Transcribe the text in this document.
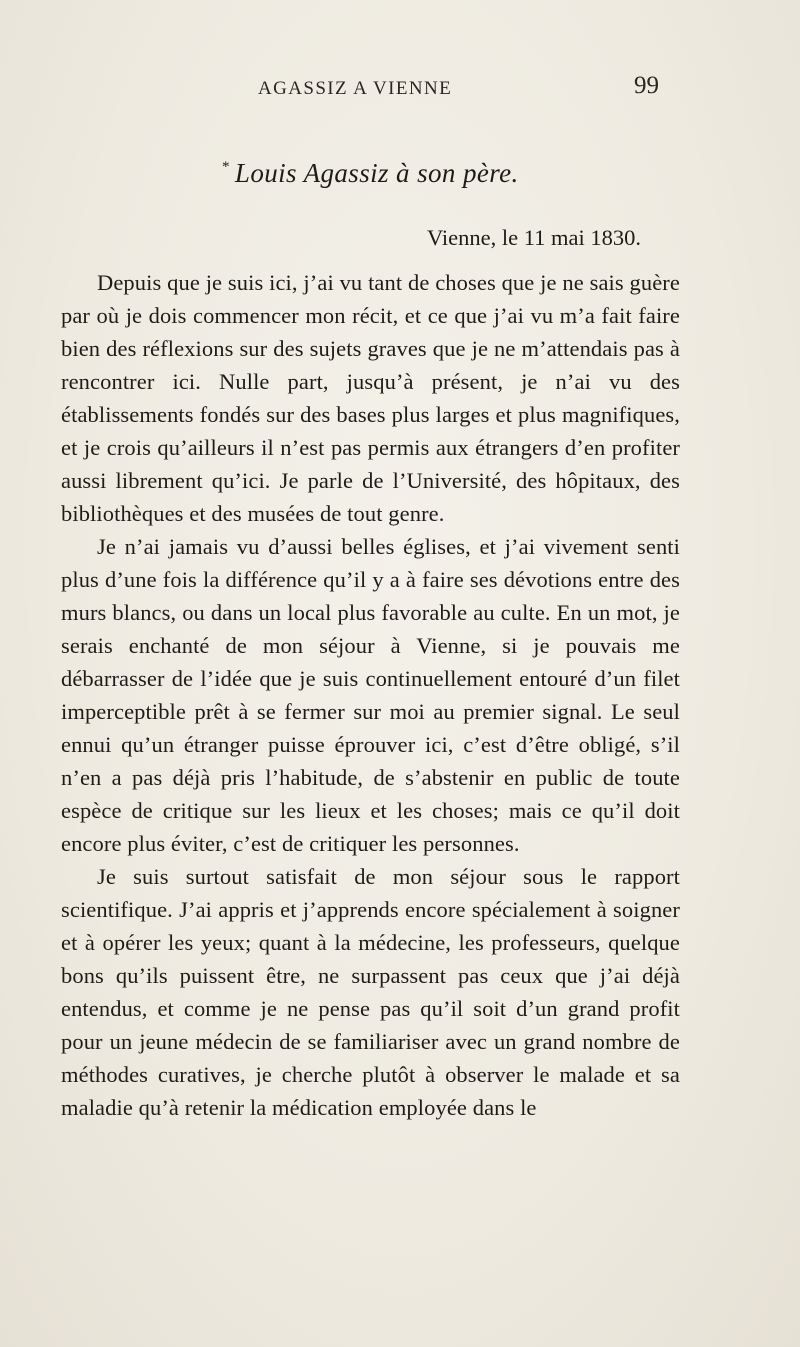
AGASSIZ A VIENNE	99
* Louis Agassiz à son père.
Vienne, le 11 mai 1830.

Depuis que je suis ici, j’ai vu tant de choses que je ne sais guère par où je dois commencer mon récit, et ce que j’ai vu m’a fait faire bien des réflexions sur des sujets graves que je ne m’attendais pas à rencontrer ici. Nulle part, jusqu’à présent, je n’ai vu des établissements fondés sur des bases plus larges et plus magnifiques, et je crois qu’ailleurs il n’est pas permis aux étrangers d’en profiter aussi librement qu’ici. Je parle de l’Université, des hôpitaux, des bibliothèques et des musées de tout genre.

Je n’ai jamais vu d’aussi belles églises, et j’ai vivement senti plus d’une fois la différence qu’il y a à faire ses dévotions entre des murs blancs, ou dans un local plus favorable au culte. En un mot, je serais enchanté de mon séjour à Vienne, si je pouvais me débarrasser de l’idée que je suis continuellement entouré d’un filet imperceptible prêt à se fermer sur moi au premier signal. Le seul ennui qu’un étranger puisse éprouver ici, c’est d’être obligé, s’il n’en a pas déjà pris l’habitude, de s’abstenir en public de toute espèce de critique sur les lieux et les choses; mais ce qu’il doit encore plus éviter, c’est de critiquer les personnes.

Je suis surtout satisfait de mon séjour sous le rapport scientifique. J’ai appris et j’apprends encore spécialement à soigner et à opérer les yeux; quant à la médecine, les professeurs, quelque bons qu’ils puissent être, ne surpassent pas ceux que j’ai déjà entendus, et comme je ne pense pas qu’il soit d’un grand profit pour un jeune médecin de se familiariser avec un grand nombre de méthodes curatives, je cherche plutôt à observer le malade et sa maladie qu’à retenir la médication employée dans le
